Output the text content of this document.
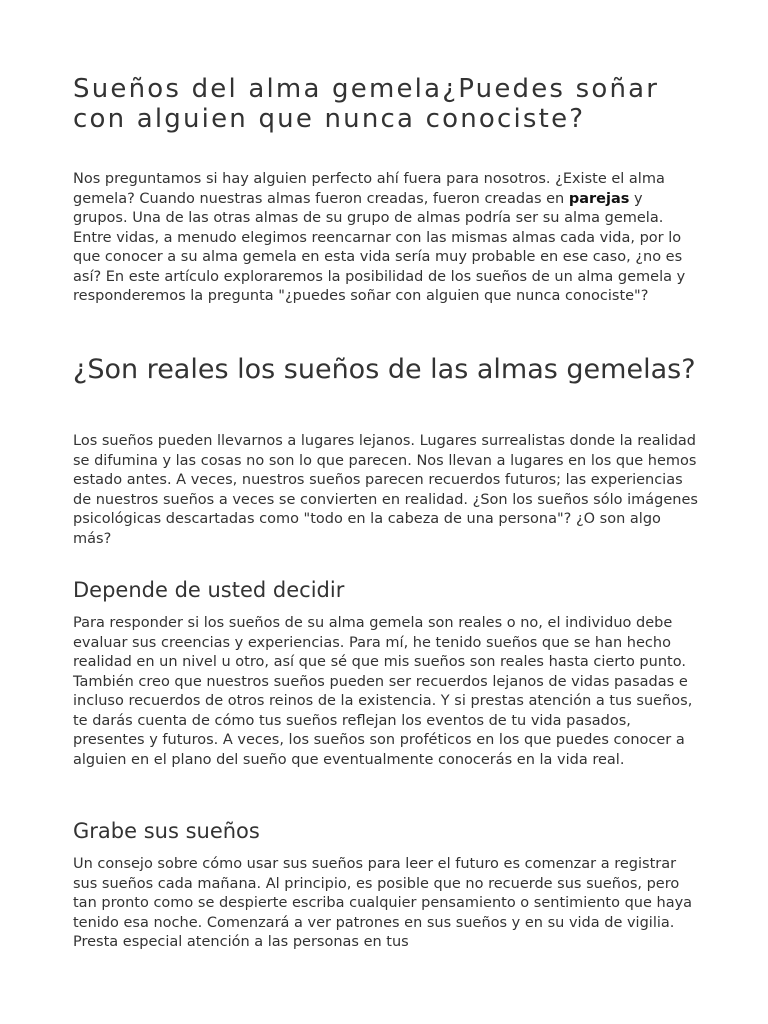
Sueños del alma gemela¿Puedes soñar con alguien que nunca conociste?

Nos preguntamos si hay alguien perfecto ahí fuera para nosotros. ¿Existe el alma gemela? Cuando nuestras almas fueron creadas, fueron creadas en parejas y grupos. Una de las otras almas de su grupo de almas podría ser su alma gemela. Entre vidas, a menudo elegimos reencarnar con las mismas almas cada vida, por lo que conocer a su alma gemela en esta vida sería muy probable en ese caso, ¿no es así? En este artículo exploraremos la posibilidad de los sueños de un alma gemela y responderemos la pregunta "¿puedes soñar con alguien que nunca conociste"?

¿Son reales los sueños de las almas gemelas?

Los sueños pueden llevarnos a lugares lejanos. Lugares surrealistas donde la realidad se difumina y las cosas no son lo que parecen. Nos llevan a lugares en los que hemos estado antes. A veces, nuestros sueños parecen recuerdos futuros; las experiencias de nuestros sueños a veces se convierten en realidad. ¿Son los sueños sólo imágenes psicológicas descartadas como "todo en la cabeza de una persona"? ¿O son algo más?

Depende de usted decidir

Para responder si los sueños de su alma gemela son reales o no, el individuo debe evaluar sus creencias y experiencias. Para mí, he tenido sueños que se han hecho realidad en un nivel u otro, así que sé que mis sueños son reales hasta cierto punto. También creo que nuestros sueños pueden ser recuerdos lejanos de vidas pasadas e incluso recuerdos de otros reinos de la existencia. Y si prestas atención a tus sueños, te darás cuenta de cómo tus sueños reflejan los eventos de tu vida pasados, presentes y futuros. A veces, los sueños son proféticos en los que puedes conocer a alguien en el plano del sueño que eventualmente conocerás en la vida real.

Grabe sus sueños

Un consejo sobre cómo usar sus sueños para leer el futuro es comenzar a registrar sus sueños cada mañana. Al principio, es posible que no recuerde sus sueños, pero tan pronto como se despierte escriba cualquier pensamiento o sentimiento que haya tenido esa noche. Comenzará a ver patrones en sus sueños y en su vida de vigilia. Presta especial atención a las personas en tus
